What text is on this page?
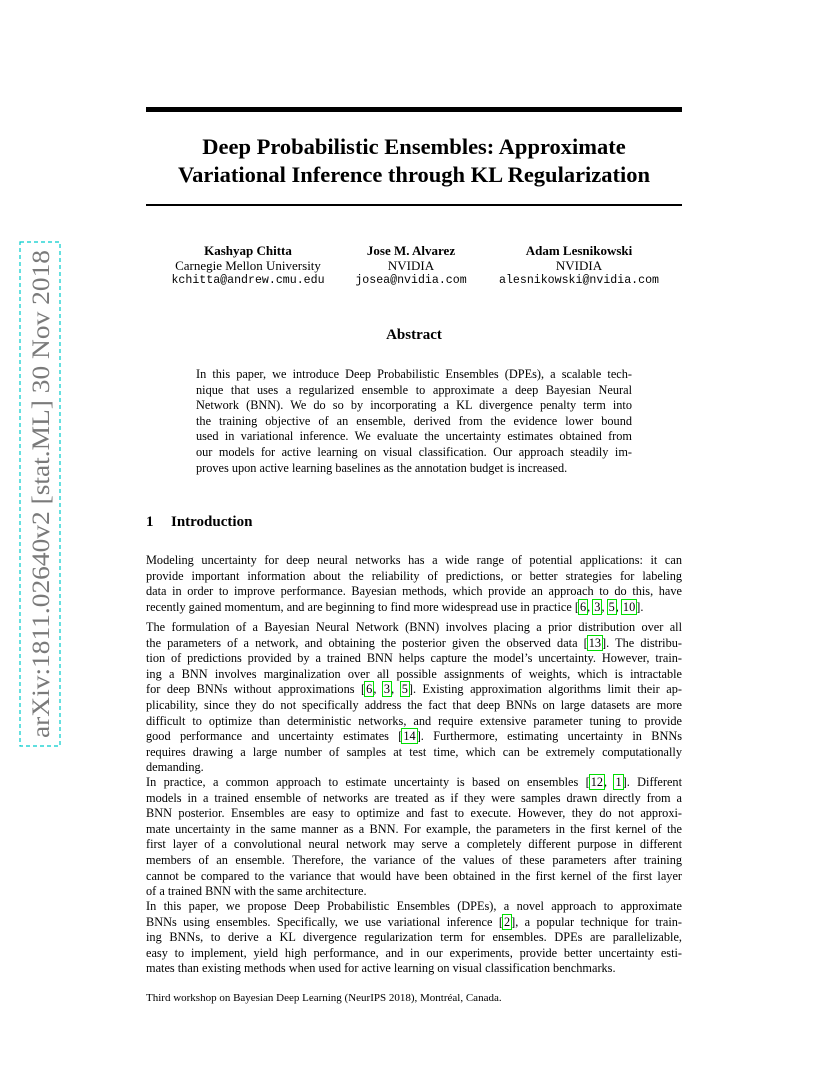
arXiv:1811.02640v2 [stat.ML] 30 Nov 2018
Deep Probabilistic Ensembles: Approximate
Variational Inference through KL Regularization
Kashyap Chitta
Carnegie Mellon University
kchitta@andrew.cmu.edu
Jose M. Alvarez
NVIDIA
josea@nvidia.com
Adam Lesnikowski
NVIDIA
alesnikowski@nvidia.com
Abstract
In this paper, we introduce Deep Probabilistic Ensembles (DPEs), a scalable tech-
nique that uses a regularized ensemble to approximate a deep Bayesian Neural
Network (BNN). We do so by incorporating a KL divergence penalty term into
the training objective of an ensemble, derived from the evidence lower bound
used in variational inference. We evaluate the uncertainty estimates obtained from
our models for active learning on visual classification. Our approach steadily im-
proves upon active learning baselines as the annotation budget is increased.
1 Introduction
Modeling uncertainty for deep neural networks has a wide range of potential applications: it can
provide important information about the reliability of predictions, or better strategies for labeling
data in order to improve performance. Bayesian methods, which provide an approach to do this, have
recently gained momentum, and are beginning to find more widespread use in practice [6, 3, 5, 10].
The formulation of a Bayesian Neural Network (BNN) involves placing a prior distribution over all
the parameters of a network, and obtaining the posterior given the observed data [13]. The distribu-
tion of predictions provided by a trained BNN helps capture the model’s uncertainty. However, train-
ing a BNN involves marginalization over all possible assignments of weights, which is intractable
for deep BNNs without approximations [6, 3, 5]. Existing approximation algorithms limit their ap-
plicability, since they do not specifically address the fact that deep BNNs on large datasets are more
difficult to optimize than deterministic networks, and require extensive parameter tuning to provide
good performance and uncertainty estimates [14]. Furthermore, estimating uncertainty in BNNs
requires drawing a large number of samples at test time, which can be extremely computationally
demanding.
In practice, a common approach to estimate uncertainty is based on ensembles [12, 1]. Different
models in a trained ensemble of networks are treated as if they were samples drawn directly from a
BNN posterior. Ensembles are easy to optimize and fast to execute. However, they do not approxi-
mate uncertainty in the same manner as a BNN. For example, the parameters in the first kernel of the
first layer of a convolutional neural network may serve a completely different purpose in different
members of an ensemble. Therefore, the variance of the values of these parameters after training
cannot be compared to the variance that would have been obtained in the first kernel of the first layer
of a trained BNN with the same architecture.
In this paper, we propose Deep Probabilistic Ensembles (DPEs), a novel approach to approximate
BNNs using ensembles. Specifically, we use variational inference [2], a popular technique for train-
ing BNNs, to derive a KL divergence regularization term for ensembles. DPEs are parallelizable,
easy to implement, yield high performance, and in our experiments, provide better uncertainty esti-
mates than existing methods when used for active learning on visual classification benchmarks.
Third workshop on Bayesian Deep Learning (NeurIPS 2018), Montréal, Canada.
